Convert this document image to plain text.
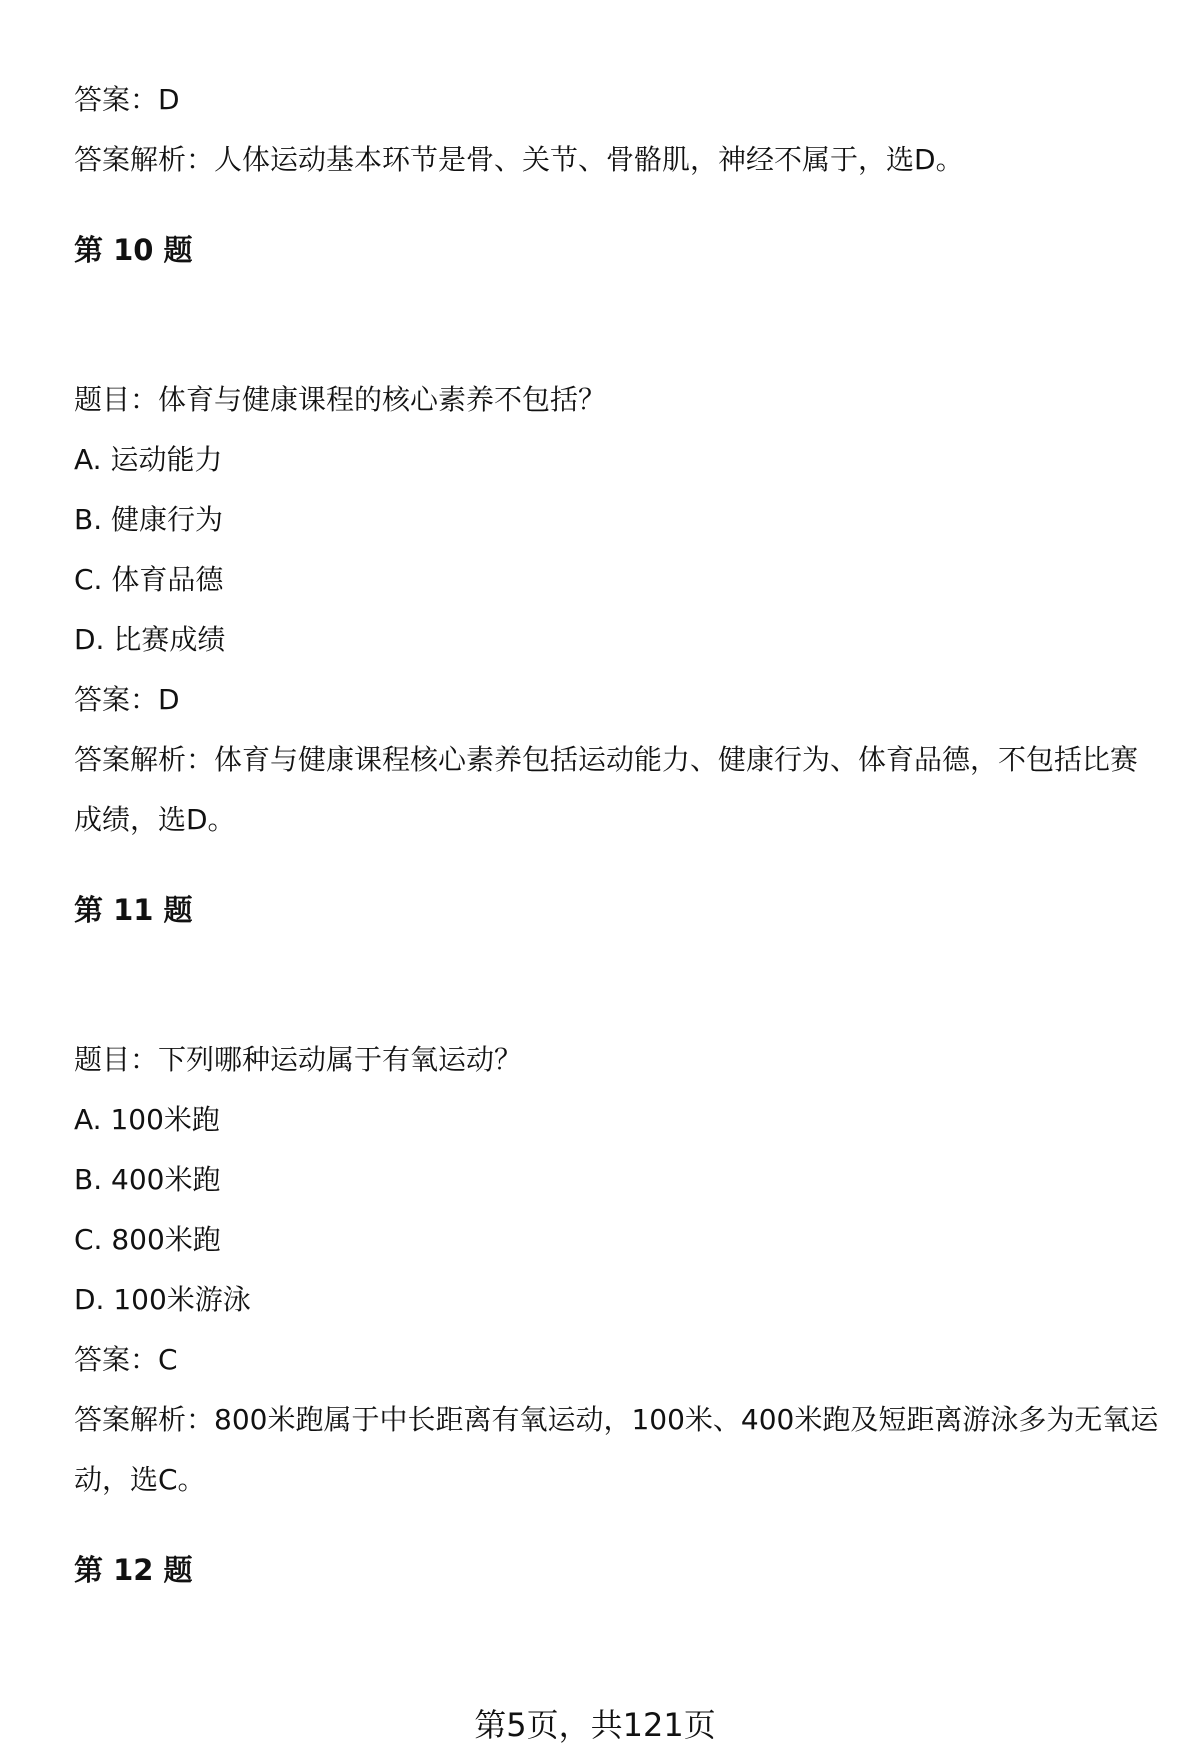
答案：D
答案解析：人体运动基本环节是骨、关节、骨骼肌，神经不属于，选D。
第 10 题
题目：体育与健康课程的核心素养不包括？
A. 运动能力
B. 健康行为
C. 体育品德
D. 比赛成绩
答案：D
答案解析：体育与健康课程核心素养包括运动能力、健康行为、体育品德，不包括比赛成绩，选D。
第 11 题
题目：下列哪种运动属于有氧运动？
A. 100米跑
B. 400米跑
C. 800米跑
D. 100米游泳
答案：C
答案解析：800米跑属于中长距离有氧运动，100米、400米跑及短距离游泳多为无氧运动，选C。
第 12 题
第5页，共121页
